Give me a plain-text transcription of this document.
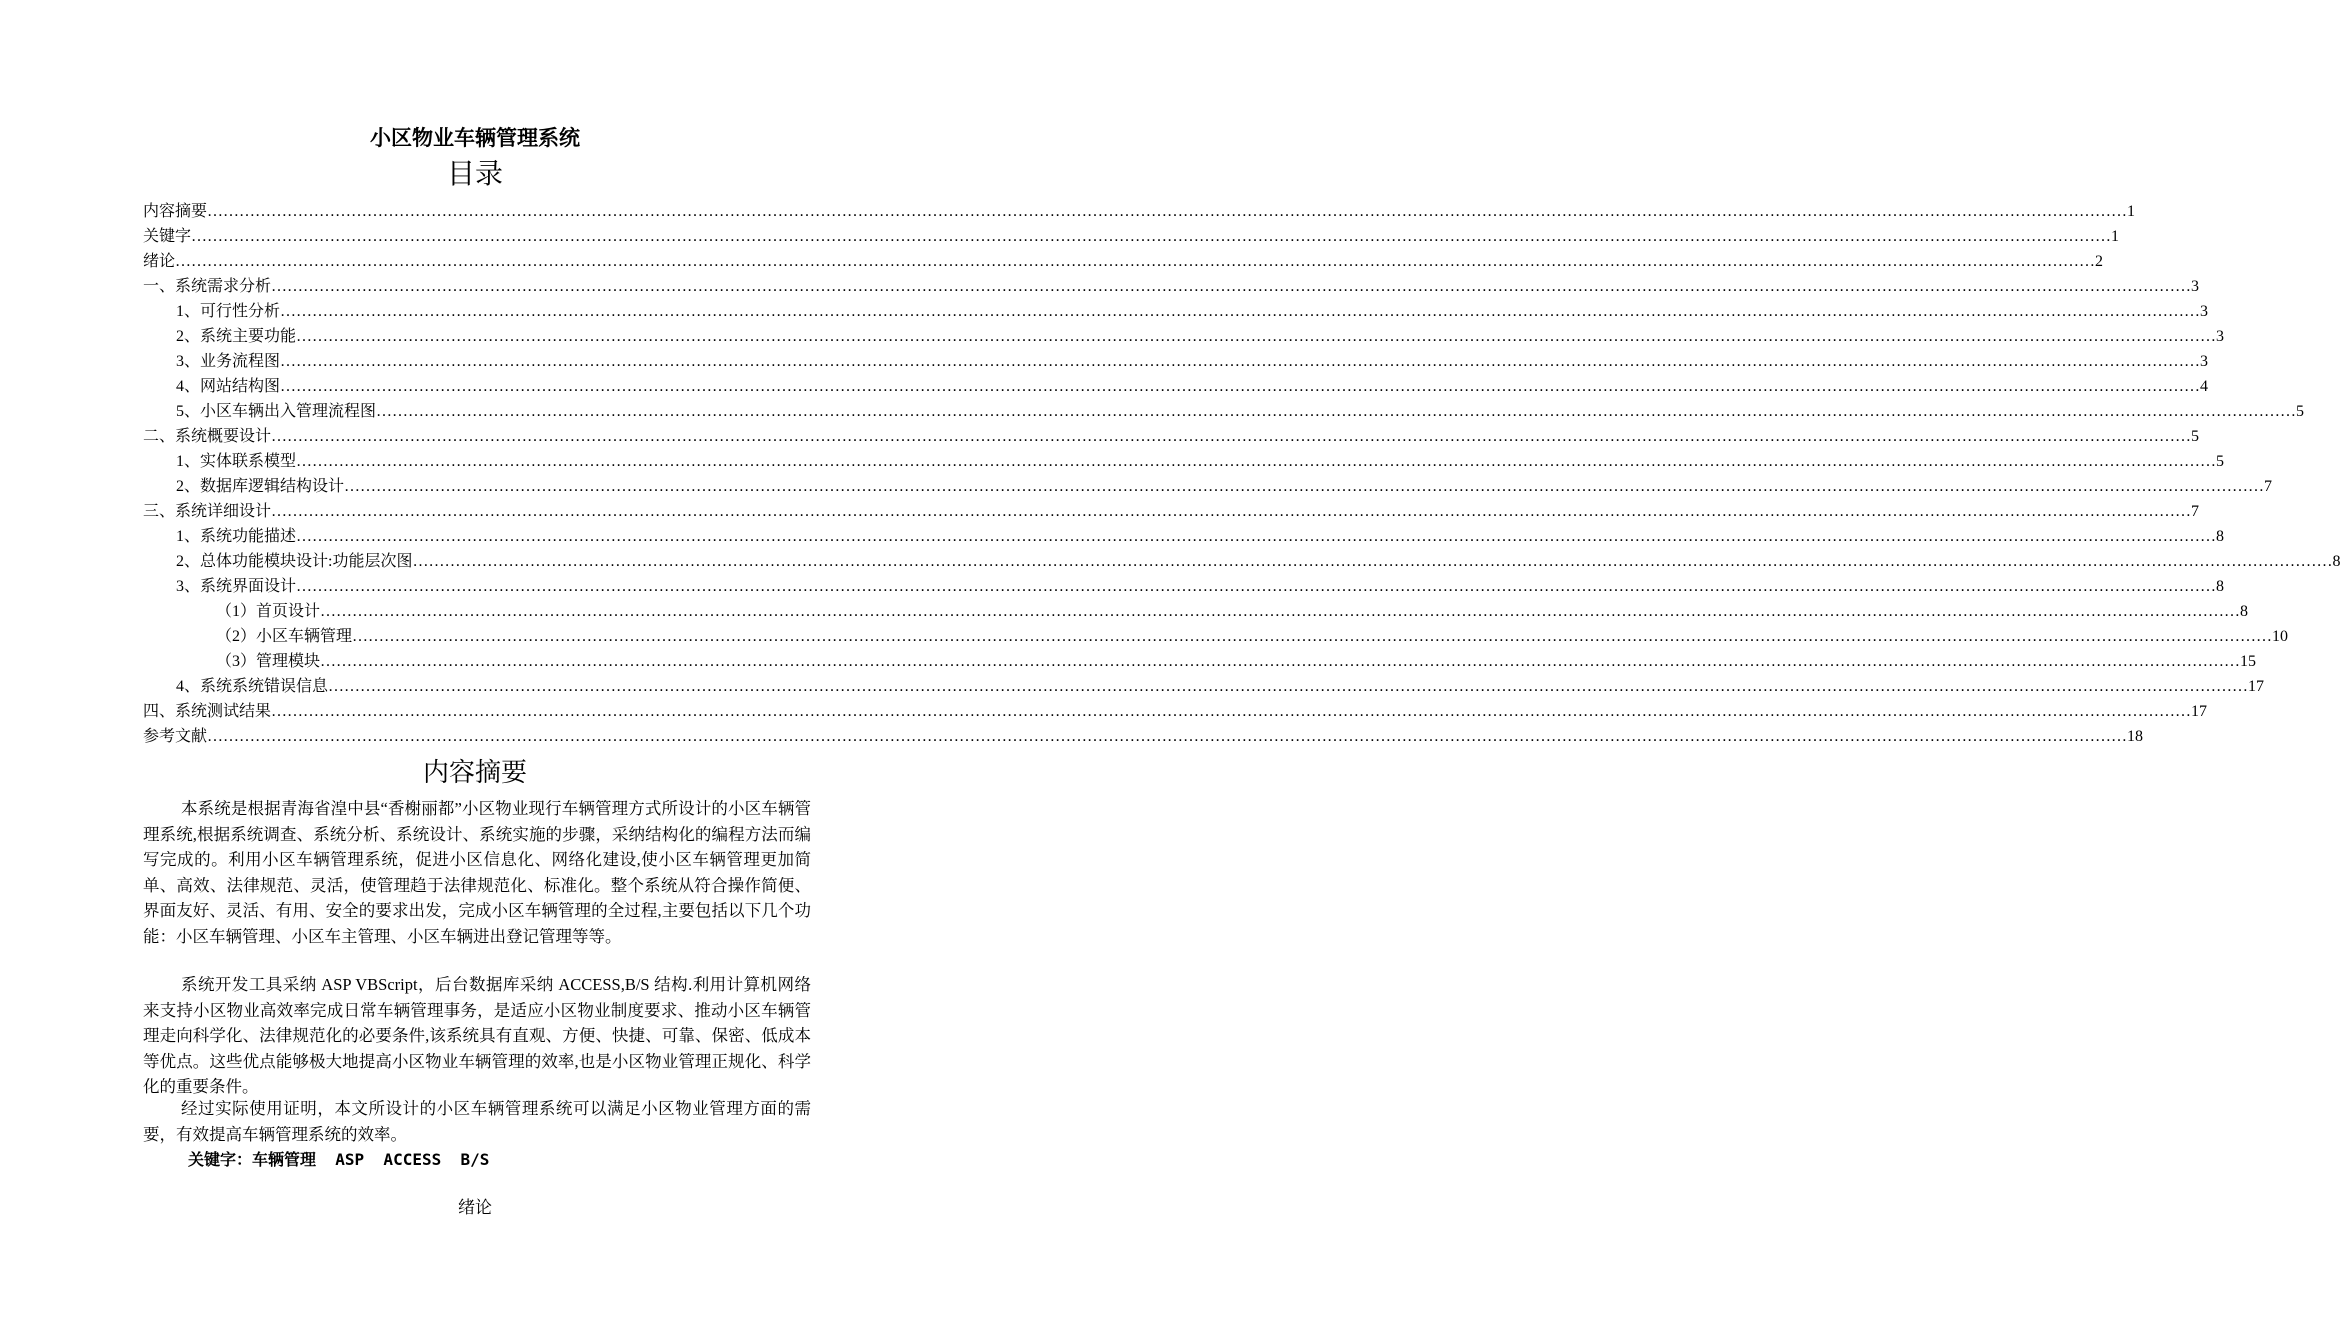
小区物业车辆管理系统
目录
内容摘要 ……………………………………………………………………………………………………………………………………………………………………………………………………………………………………………………………………………………………………………………………… 1
关键字 ……………………………………………………………………………………………………………………………………………………………………………………………………………………………………………………………………………………………………………………………… 1
绪论 ……………………………………………………………………………………………………………………………………………………………………………………………………………………………………………………………………………………………………………………………… 2
一、系统需求分析 ……………………………………………………………………………………………………………………………………………………………………………………………………………………………………………………………………………………………………………………………… 3
1、可行性分析 ……………………………………………………………………………………………………………………………………………………………………………………………………………………………………………………………………………………………………………………………… 3
2、系统主要功能 ……………………………………………………………………………………………………………………………………………………………………………………………………………………………………………………………………………………………………………………………… 3
3、业务流程图 ……………………………………………………………………………………………………………………………………………………………………………………………………………………………………………………………………………………………………………………………… 3
4、网站结构图 ……………………………………………………………………………………………………………………………………………………………………………………………………………………………………………………………………………………………………………………………… 4
5、小区车辆出入管理流程图 ……………………………………………………………………………………………………………………………………………………………………………………………………………………………………………………………………………………………………………………………… 5
二、系统概要设计 ……………………………………………………………………………………………………………………………………………………………………………………………………………………………………………………………………………………………………………………………… 5
1、实体联系模型 ……………………………………………………………………………………………………………………………………………………………………………………………………………………………………………………………………………………………………………………………… 5
2、数据库逻辑结构设计 ……………………………………………………………………………………………………………………………………………………………………………………………………………………………………………………………………………………………………………………………… 7
三、系统详细设计 ……………………………………………………………………………………………………………………………………………………………………………………………………………………………………………………………………………………………………………………………… 7
1、系统功能描述 ……………………………………………………………………………………………………………………………………………………………………………………………………………………………………………………………………………………………………………………………… 8
2、总体功能模块设计:功能层次图 ……………………………………………………………………………………………………………………………………………………………………………………………………………………………………………………………………………………………………………………………… 8
3、系统界面设计 ……………………………………………………………………………………………………………………………………………………………………………………………………………………………………………………………………………………………………………………………… 8
（1）首页设计 ……………………………………………………………………………………………………………………………………………………………………………………………………………………………………………………………………………………………………………………………… 8
（2）小区车辆管理 ……………………………………………………………………………………………………………………………………………………………………………………………………………………………………………………………………………………………………………………………… 10
（3）管理模块 ……………………………………………………………………………………………………………………………………………………………………………………………………………………………………………………………………………………………………………………………… 15
4、系统系统错误信息 ……………………………………………………………………………………………………………………………………………………………………………………………………………………………………………………………………………………………………………………………… 17
四、系统测试结果 ……………………………………………………………………………………………………………………………………………………………………………………………………………………………………………………………………………………………………………………………… 17
参考文献 ……………………………………………………………………………………………………………………………………………………………………………………………………………………………………………………………………………………………………………………………… 18
内容摘要

本系统是根据青海省湟中县“香榭丽都”小区物业现行车辆管理方式所设计的小区车辆管理系统,根据系统调查、系统分析、系统设计、系统实施的步骤，采纳结构化的编程方法而编写完成的。利用小区车辆管理系统，促进小区信息化、网络化建设,使小区车辆管理更加简单、高效、法律规范、灵活，使管理趋于法律规范化、标准化。整个系统从符合操作简便、界面友好、灵活、有用、安全的要求出发，完成小区车辆管理的全过程,主要包括以下几个功能：小区车辆管理、小区车主管理、小区车辆进出登记管理等等。

系统开发工具采纳 ASP VBScript，后台数据库采纳 ACCESS,B/S 结构.利用计算机网络来支持小区物业高效率完成日常车辆管理事务，是适应小区物业制度要求、推动小区车辆管理走向科学化、法律规范化的必要条件,该系统具有直观、方便、快捷、可靠、保密、低成本等优点。这些优点能够极大地提高小区物业车辆管理的效率,也是小区物业管理正规化、科学化的重要条件。

经过实际使用证明，本文所设计的小区车辆管理系统可以满足小区物业管理方面的需要，有效提高车辆管理系统的效率。

关键字：车辆管理  ASP  ACCESS  B/S
绪论
